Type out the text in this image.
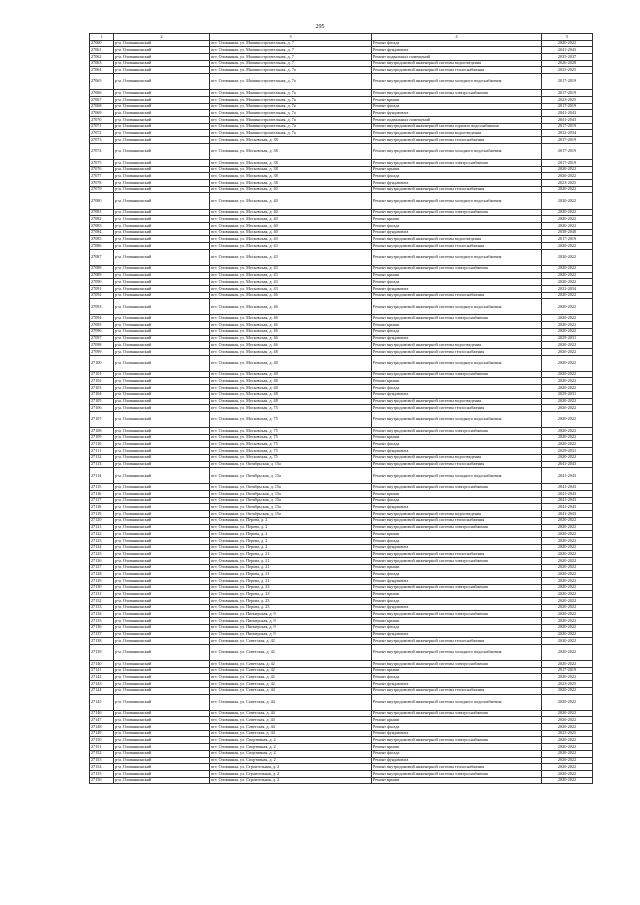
295
1	2	3	4	5
27060	р-н. Оловяннинский	пгт. Оловянная, ул. Машиностроительная, д. 7	Ремонт фасада	2020-2022
27061	р-н. Оловяннинский	пгт. Оловянная, ул. Машиностроительная, д. 7	Ремонт фундамента	2041-2043
27062	р-н. Оловяннинский	пгт. Оловянная, ул. Машиностроительная, д. 7	Ремонт подвальных помещений	2035-2037
27063	р-н. Оловяннинский	пгт. Оловянная, ул. Машиностроительная, д. 7	Ремонт внутридомовой инженерной системы водоотведения	2026-2028
27064	р-н. Оловяннинский	пгт. Оловянная, ул. Машиностроительная, д. 7а	Ремонт внутридомовой инженерной системы теплоснабжения	2023-2025
27065	р-н. Оловяннинский	пгт. Оловянная, ул. Машиностроительная, д. 7а	Ремонт внутридомовой инженерной системы холодного водоснабжения	2017-2019
27066	р-н. Оловяннинский	пгт. Оловянная, ул. Машиностроительная, д. 7а	Ремонт внутридомовой инженерной системы электроснабжения	2017-2019
27067	р-н. Оловяннинский	пгт. Оловянная, ул. Машиностроительная, д. 7а	Ремонт крыши	2023-2025
27068	р-н. Оловяннинский	пгт. Оловянная, ул. Машиностроительная, д. 7а	Ремонт фасада	2017-2019
27069	р-н. Оловяннинский	пгт. Оловянная, ул. Машиностроительная, д. 7а	Ремонт фундамента	2041-2043
27070	р-н. Оловяннинский	пгт. Оловянная, ул. Машиностроительная, д. 7а	Ремонт подвальных помещений	2041-2043
27071	р-н. Оловяннинский	пгт. Оловянная, ул. Машиностроительная, д. 7а	Ремонт внутридомовой инженерной системы горячего водоснабжения	2017-2019
27072	р-н. Оловяннинский	пгт. Оловянная, ул. Машиностроительная, д. 7а	Ремонт внутридомовой инженерной системы водоотведения	2032-2034
27073	р-н. Оловяннинский	пгт. Оловянная, ул. Московская, д. 38	Ремонт внутридомовой инженерной системы теплоснабжения	2017-2019
27074	р-н. Оловяннинский	пгт. Оловянная, ул. Московская, д. 38	Ремонт внутридомовой инженерной системы холодного водоснабжения	2017-2019
27075	р-н. Оловяннинский	пгт. Оловянная, ул. Московская, д. 38	Ремонт внутридомовой инженерной системы электроснабжения	2017-2019
27076	р-н. Оловяннинский	пгт. Оловянная, ул. Московская, д. 38	Ремонт крыши	2020-2022
27077	р-н. Оловяннинский	пгт. Оловянная, ул. Московская, д. 38	Ремонт фасада	2020-2022
27078	р-н. Оловяннинский	пгт. Оловянная, ул. Московская, д. 38	Ремонт фундамента	2023-2025
27079	р-н. Оловяннинский	пгт. Оловянная, ул. Московская, д. 40	Ремонт внутридомовой инженерной системы теплоснабжения	2020-2022
27080	р-н. Оловяннинский	пгт. Оловянная, ул. Московская, д. 40	Ремонт внутридомовой инженерной системы холодного водоснабжения	2020-2022
27081	р-н. Оловяннинский	пгт. Оловянная, ул. Московская, д. 40	Ремонт внутридомовой инженерной системы электроснабжения	2020-2022
27082	р-н. Оловяннинский	пгт. Оловянная, ул. Московская, д. 40	Ремонт крыши	2020-2022
27083	р-н. Оловяннинский	пгт. Оловянная, ул. Московская, д. 40	Ремонт фасада	2020-2022
27084	р-н. Оловяннинский	пгт. Оловянная, ул. Московская, д. 40	Ремонт фундамента	2038-2040
27085	р-н. Оловяннинский	пгт. Оловянная, ул. Московская, д. 40	Ремонт внутридомовой инженерной системы водоотведения	2017-2019
27086	р-н. Оловяннинский	пгт. Оловянная, ул. Московская, д. 43	Ремонт внутридомовой инженерной системы теплоснабжения	2020-2022
27087	р-н. Оловяннинский	пгт. Оловянная, ул. Московская, д. 43	Ремонт внутридомовой инженерной системы холодного водоснабжения	2020-2022
27088	р-н. Оловяннинский	пгт. Оловянная, ул. Московская, д. 43	Ремонт внутридомовой инженерной системы электроснабжения	2020-2022
27089	р-н. Оловяннинский	пгт. Оловянная, ул. Московская, д. 43	Ремонт крыши	2020-2022
27090	р-н. Оловяннинский	пгт. Оловянная, ул. Московская, д. 43	Ремонт фасада	2020-2022
27091	р-н. Оловяннинский	пгт. Оловянная, ул. Московская, д. 43	Ремонт фундамента	2032-2034
27092	р-н. Оловяннинский	пгт. Оловянная, ул. Московская, д. 46	Ремонт внутридомовой инженерной системы теплоснабжения	2020-2022
27093	р-н. Оловяннинский	пгт. Оловянная, ул. Московская, д. 46	Ремонт внутридомовой инженерной системы холодного водоснабжения	2020-2022
27094	р-н. Оловяннинский	пгт. Оловянная, ул. Московская, д. 46	Ремонт внутридомовой инженерной системы электроснабжения	2020-2022
27095	р-н. Оловяннинский	пгт. Оловянная, ул. Московская, д. 46	Ремонт крыши	2020-2022
27096	р-н. Оловяннинский	пгт. Оловянная, ул. Московская, д. 46	Ремонт фасада	2020-2022
27097	р-н. Оловяннинский	пгт. Оловянная, ул. Московская, д. 46	Ремонт фундамента	2029-2031
27098	р-н. Оловяннинский	пгт. Оловянная, ул. Московская, д. 46	Ремонт внутридомовой инженерной системы водоотведения	2020-2022
27099	р-н. Оловяннинский	пгт. Оловянная, ул. Московская, д. 48	Ремонт внутридомовой инженерной системы теплоснабжения	2020-2022
27100	р-н. Оловяннинский	пгт. Оловянная, ул. Московская, д. 48	Ремонт внутридомовой инженерной системы холодного водоснабжения	2020-2022
27101	р-н. Оловяннинский	пгт. Оловянная, ул. Московская, д. 48	Ремонт внутридомовой инженерной системы электроснабжения	2020-2022
27102	р-н. Оловяннинский	пгт. Оловянная, ул. Московская, д. 48	Ремонт крыши	2020-2022
27103	р-н. Оловяннинский	пгт. Оловянная, ул. Московская, д. 48	Ремонт фасада	2020-2022
27104	р-н. Оловяннинский	пгт. Оловянная, ул. Московская, д. 48	Ремонт фундамента	2029-2031
27105	р-н. Оловяннинский	пгт. Оловянная, ул. Московская, д. 48	Ремонт внутридомовой инженерной системы водоотведения	2020-2022
27106	р-н. Оловяннинский	пгт. Оловянная, ул. Московская, д. 75	Ремонт внутридомовой инженерной системы теплоснабжения	2020-2022
27107	р-н. Оловяннинский	пгт. Оловянная, ул. Московская, д. 75	Ремонт внутридомовой инженерной системы холодного водоснабжения	2020-2022
27108	р-н. Оловяннинский	пгт. Оловянная, ул. Московская, д. 75	Ремонт внутридомовой инженерной системы электроснабжения	2020-2022
27109	р-н. Оловяннинский	пгт. Оловянная, ул. Московская, д. 75	Ремонт крыши	2020-2022
27110	р-н. Оловяннинский	пгт. Оловянная, ул. Московская, д. 75	Ремонт фасада	2020-2022
27111	р-н. Оловяннинский	пгт. Оловянная, ул. Московская, д. 75	Ремонт фундамента	2029-2031
27112	р-н. Оловяннинский	пгт. Оловянная, ул. Московская, д. 75	Ремонт внутридомовой инженерной системы водоотведения	2020-2022
27113	р-н. Оловяннинский	пгт. Оловянная, ул. Октябрьская, д. 15а	Ремонт внутридомовой инженерной системы теплоснабжения	2041-2043
27114	р-н. Оловяннинский	пгт. Оловянная, ул. Октябрьская, д. 15а	Ремонт внутридомовой инженерной системы холодного водоснабжения	2041-2043
27115	р-н. Оловяннинский	пгт. Оловянная, ул. Октябрьская, д. 15а	Ремонт внутридомовой инженерной системы электроснабжения	2041-2043
27116	р-н. Оловяннинский	пгт. Оловянная, ул. Октябрьская, д. 15а	Ремонт крыши	2041-2043
27117	р-н. Оловяннинский	пгт. Оловянная, ул. Октябрьская, д. 15а	Ремонт фасада	2041-2043
27118	р-н. Оловяннинский	пгт. Оловянная, ул. Октябрьская, д. 15а	Ремонт фундамента	2041-2043
27119	р-н. Оловяннинский	пгт. Оловянная, ул. Октябрьская, д. 15а	Ремонт внутридомовой инженерной системы водоотведения	2041-2043
27120	р-н. Оловяннинский	пгт. Оловянная, ул. Перова, д. 2	Ремонт внутридомовой инженерной системы теплоснабжения	2020-2022
27121	р-н. Оловяннинский	пгт. Оловянная, ул. Перова, д. 2	Ремонт внутридомовой инженерной системы электроснабжения	2020-2022
27122	р-н. Оловяннинский	пгт. Оловянная, ул. Перова, д. 2	Ремонт крыши	2020-2022
27123	р-н. Оловяннинский	пгт. Оловянная, ул. Перова, д. 2	Ремонт фасада	2020-2022
27124	р-н. Оловяннинский	пгт. Оловянная, ул. Перова, д. 2	Ремонт фундамента	2020-2022
27125	р-н. Оловяннинский	пгт. Оловянная, ул. Перова, д. 21	Ремонт внутридомовой инженерной системы теплоснабжения	2020-2022
27126	р-н. Оловяннинский	пгт. Оловянная, ул. Перова, д. 21	Ремонт внутридомовой инженерной системы электроснабжения	2020-2022
27127	р-н. Оловяннинский	пгт. Оловянная, ул. Перова, д. 21	Ремонт крыши	2020-2022
27128	р-н. Оловяннинский	пгт. Оловянная, ул. Перова, д. 21	Ремонт фасада	2020-2022
27129	р-н. Оловяннинский	пгт. Оловянная, ул. Перова, д. 21	Ремонт фундамента	2020-2022
27130	р-н. Оловяннинский	пгт. Оловянная, ул. Перова, д. 23	Ремонт внутридомовой инженерной системы электроснабжения	2020-2022
27131	р-н. Оловяннинский	пгт. Оловянная, ул. Перова, д. 23	Ремонт крыши	2020-2022
27132	р-н. Оловяннинский	пгт. Оловянная, ул. Перова, д. 23	Ремонт фасада	2020-2022
27133	р-н. Оловяннинский	пгт. Оловянная, ул. Перова, д. 23	Ремонт фундамента	2020-2022
27134	р-н. Оловяннинский	пгт. Оловянная, ул. Пионерская, д. 9	Ремонт внутридомовой инженерной системы электроснабжения	2020-2022
27135	р-н. Оловяннинский	пгт. Оловянная, ул. Пионерская, д. 9	Ремонт крыши	2020-2022
27136	р-н. Оловяннинский	пгт. Оловянная, ул. Пионерская, д. 9	Ремонт фасада	2020-2022
27137	р-н. Оловяннинский	пгт. Оловянная, ул. Пионерская, д. 9	Ремонт фундамента	2020-2022
27138	р-н. Оловяннинский	пгт. Оловянная, ул. Советская, д. 42	Ремонт внутридомовой инженерной системы теплоснабжения	2020-2022
27139	р-н. Оловяннинский	пгт. Оловянная, ул. Советская, д. 42	Ремонт внутридомовой инженерной системы холодного водоснабжения	2020-2022
27140	р-н. Оловяннинский	пгт. Оловянная, ул. Советская, д. 42	Ремонт внутридомовой инженерной системы электроснабжения	2020-2022
27141	р-н. Оловяннинский	пгт. Оловянная, ул. Советская, д. 42	Ремонт крыши	2017-2019
27142	р-н. Оловяннинский	пгт. Оловянная, ул. Советская, д. 42	Ремонт фасада	2020-2022
27143	р-н. Оловяннинский	пгт. Оловянная, ул. Советская, д. 42	Ремонт фундамента	2023-2025
27144	р-н. Оловяннинский	пгт. Оловянная, ул. Советская, д. 44	Ремонт внутридомовой инженерной системы теплоснабжения	2020-2022
27145	р-н. Оловяннинский	пгт. Оловянная, ул. Советская, д. 44	Ремонт внутридомовой инженерной системы холодного водоснабжения	2020-2022
27146	р-н. Оловяннинский	пгт. Оловянная, ул. Советская, д. 44	Ремонт внутридомовой инженерной системы электроснабжения	2020-2022
27147	р-н. Оловяннинский	пгт. Оловянная, ул. Советская, д. 44	Ремонт крыши	2020-2022
27148	р-н. Оловяннинский	пгт. Оловянная, ул. Советская, д. 44	Ремонт фасада	2020-2022
27149	р-н. Оловяннинский	пгт. Оловянная, ул. Советская, д. 44	Ремонт фундамента	2023-2025
27150	р-н. Оловяннинский	пгт. Оловянная, ул. Спортивная, д. 2	Ремонт внутридомовой инженерной системы электроснабжения	2020-2022
27151	р-н. Оловяннинский	пгт. Оловянная, ул. Спортивная, д. 2	Ремонт крыши	2020-2022
27152	р-н. Оловяннинский	пгт. Оловянная, ул. Спортивная, д. 2	Ремонт фасада	2020-2022
27153	р-н. Оловяннинский	пгт. Оловянная, ул. Спортивная, д. 2	Ремонт фундамента	2020-2022
27154	р-н. Оловяннинский	пгт. Оловянная, ул. Строительная, д. 2	Ремонт внутридомовой инженерной системы теплоснабжения	2020-2022
27155	р-н. Оловяннинский	пгт. Оловянная, ул. Строительная, д. 2	Ремонт внутридомовой инженерной системы электроснабжения	2020-2022
27156	р-н. Оловяннинский	пгт. Оловянная, ул. Строительная, д. 2	Ремонт крыши	2020-2022
